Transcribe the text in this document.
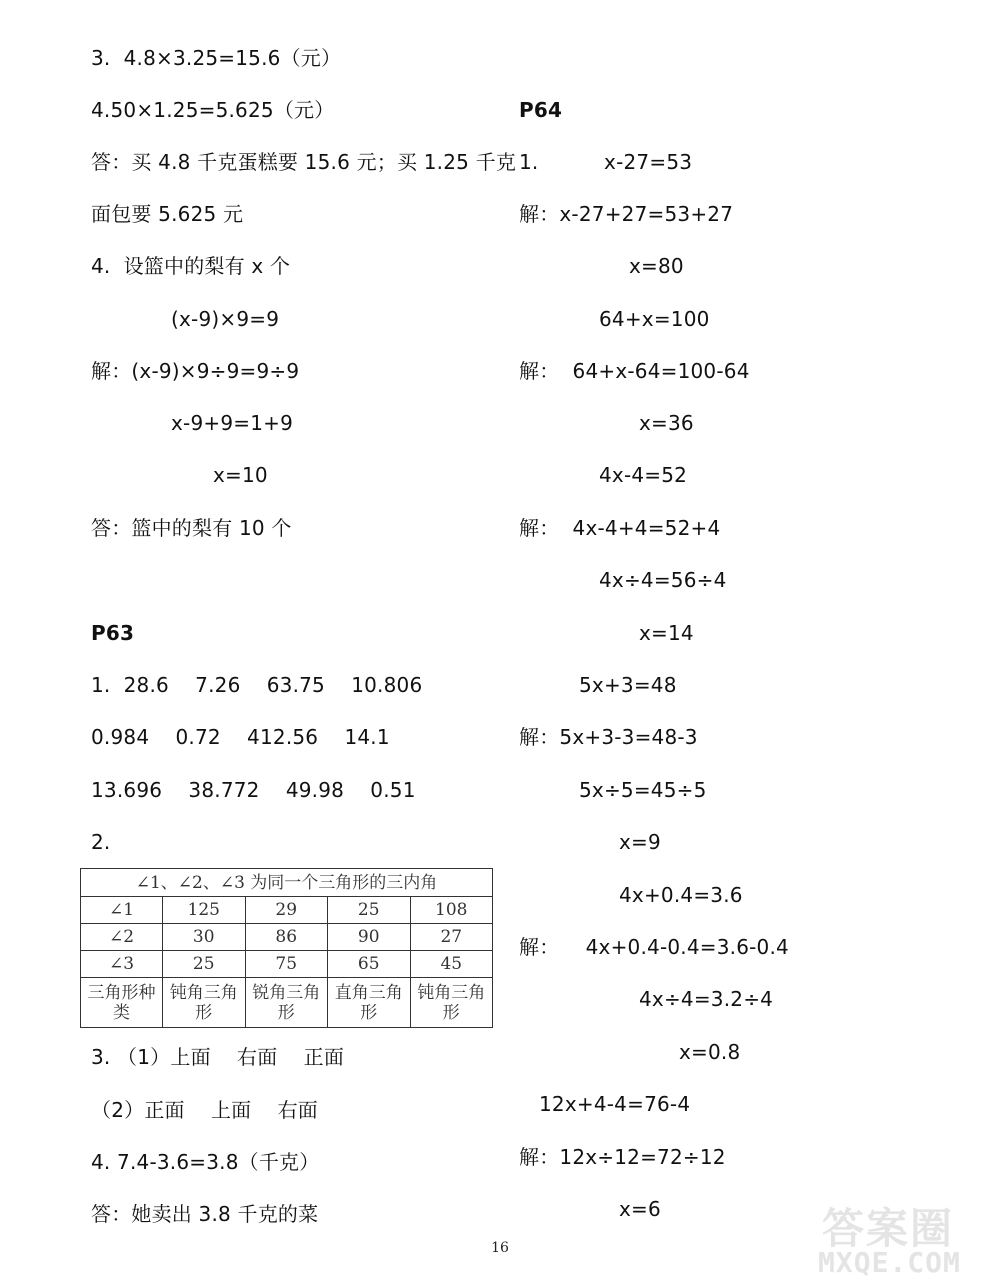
3.  4.8×3.25=15.6（元）
4.50×1.25=5.625（元）
答：买 4.8 千克蛋糕要 15.6 元；买 1.25 千克
面包要 5.625 元
4.  设篮中的梨有 x 个
(x-9)×9=9
解：(x-9)×9÷9=9÷9
x-9+9=1+9
x=10
答：篮中的梨有 10 个
P63
1.  28.6    7.26    63.75    10.806
0.984    0.72    412.56    14.1
13.696    38.772    49.98    0.51
2.
∠1、∠2、∠3 为同一个三角形的三内角				
∠1	125	29	25	108
∠2	30	86	90	27
∠3	25	75	65	45
三角形种类	钝角三角形	锐角三角形	直角三角形	钝角三角形
3. （1）上面    右面    正面
（2）正面    上面    右面
4. 7.4-3.6=3.8（千克）
答：她卖出 3.8 千克的菜
P64
1.          x-27=53
解：x-27+27=53+27
x=80
64+x=100
解：  64+x-64=100-64
x=36
4x-4=52
解：  4x-4+4=52+4
4x÷4=56÷4
x=14
5x+3=48
解：5x+3-3=48-3
5x÷5=45÷5
x=9
4x+0.4=3.6
解：    4x+0.4-0.4=3.6-0.4
4x÷4=3.2÷4
x=0.8
12x+4-4=76-4
解：12x÷12=72÷12
x=6
16	答案圈
MXQE.COM
